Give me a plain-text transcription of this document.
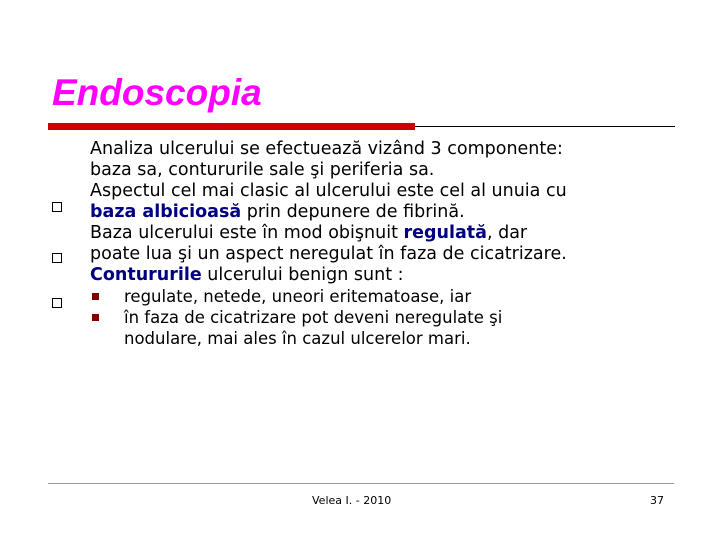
Endoscopia

Analiza ulcerului se efectuează vizând 3 componente:
baza sa, contururile sale şi periferia sa.

Aspectul cel mai clasic al ulcerului este cel al unuia cu
baza albicioasă prin depunere de fibrină.

Baza ulcerului este în mod obişnuit regulată, dar
poate lua şi un aspect neregulat în faza de cicatrizare.

Contururile ulcerului benign sunt :

regulate, netede, uneori eritematoase, iar
în faza de cicatrizare pot deveni neregulate şi
nodulare, mai ales în cazul ulcerelor mari.
Velea I. - 2010	37
